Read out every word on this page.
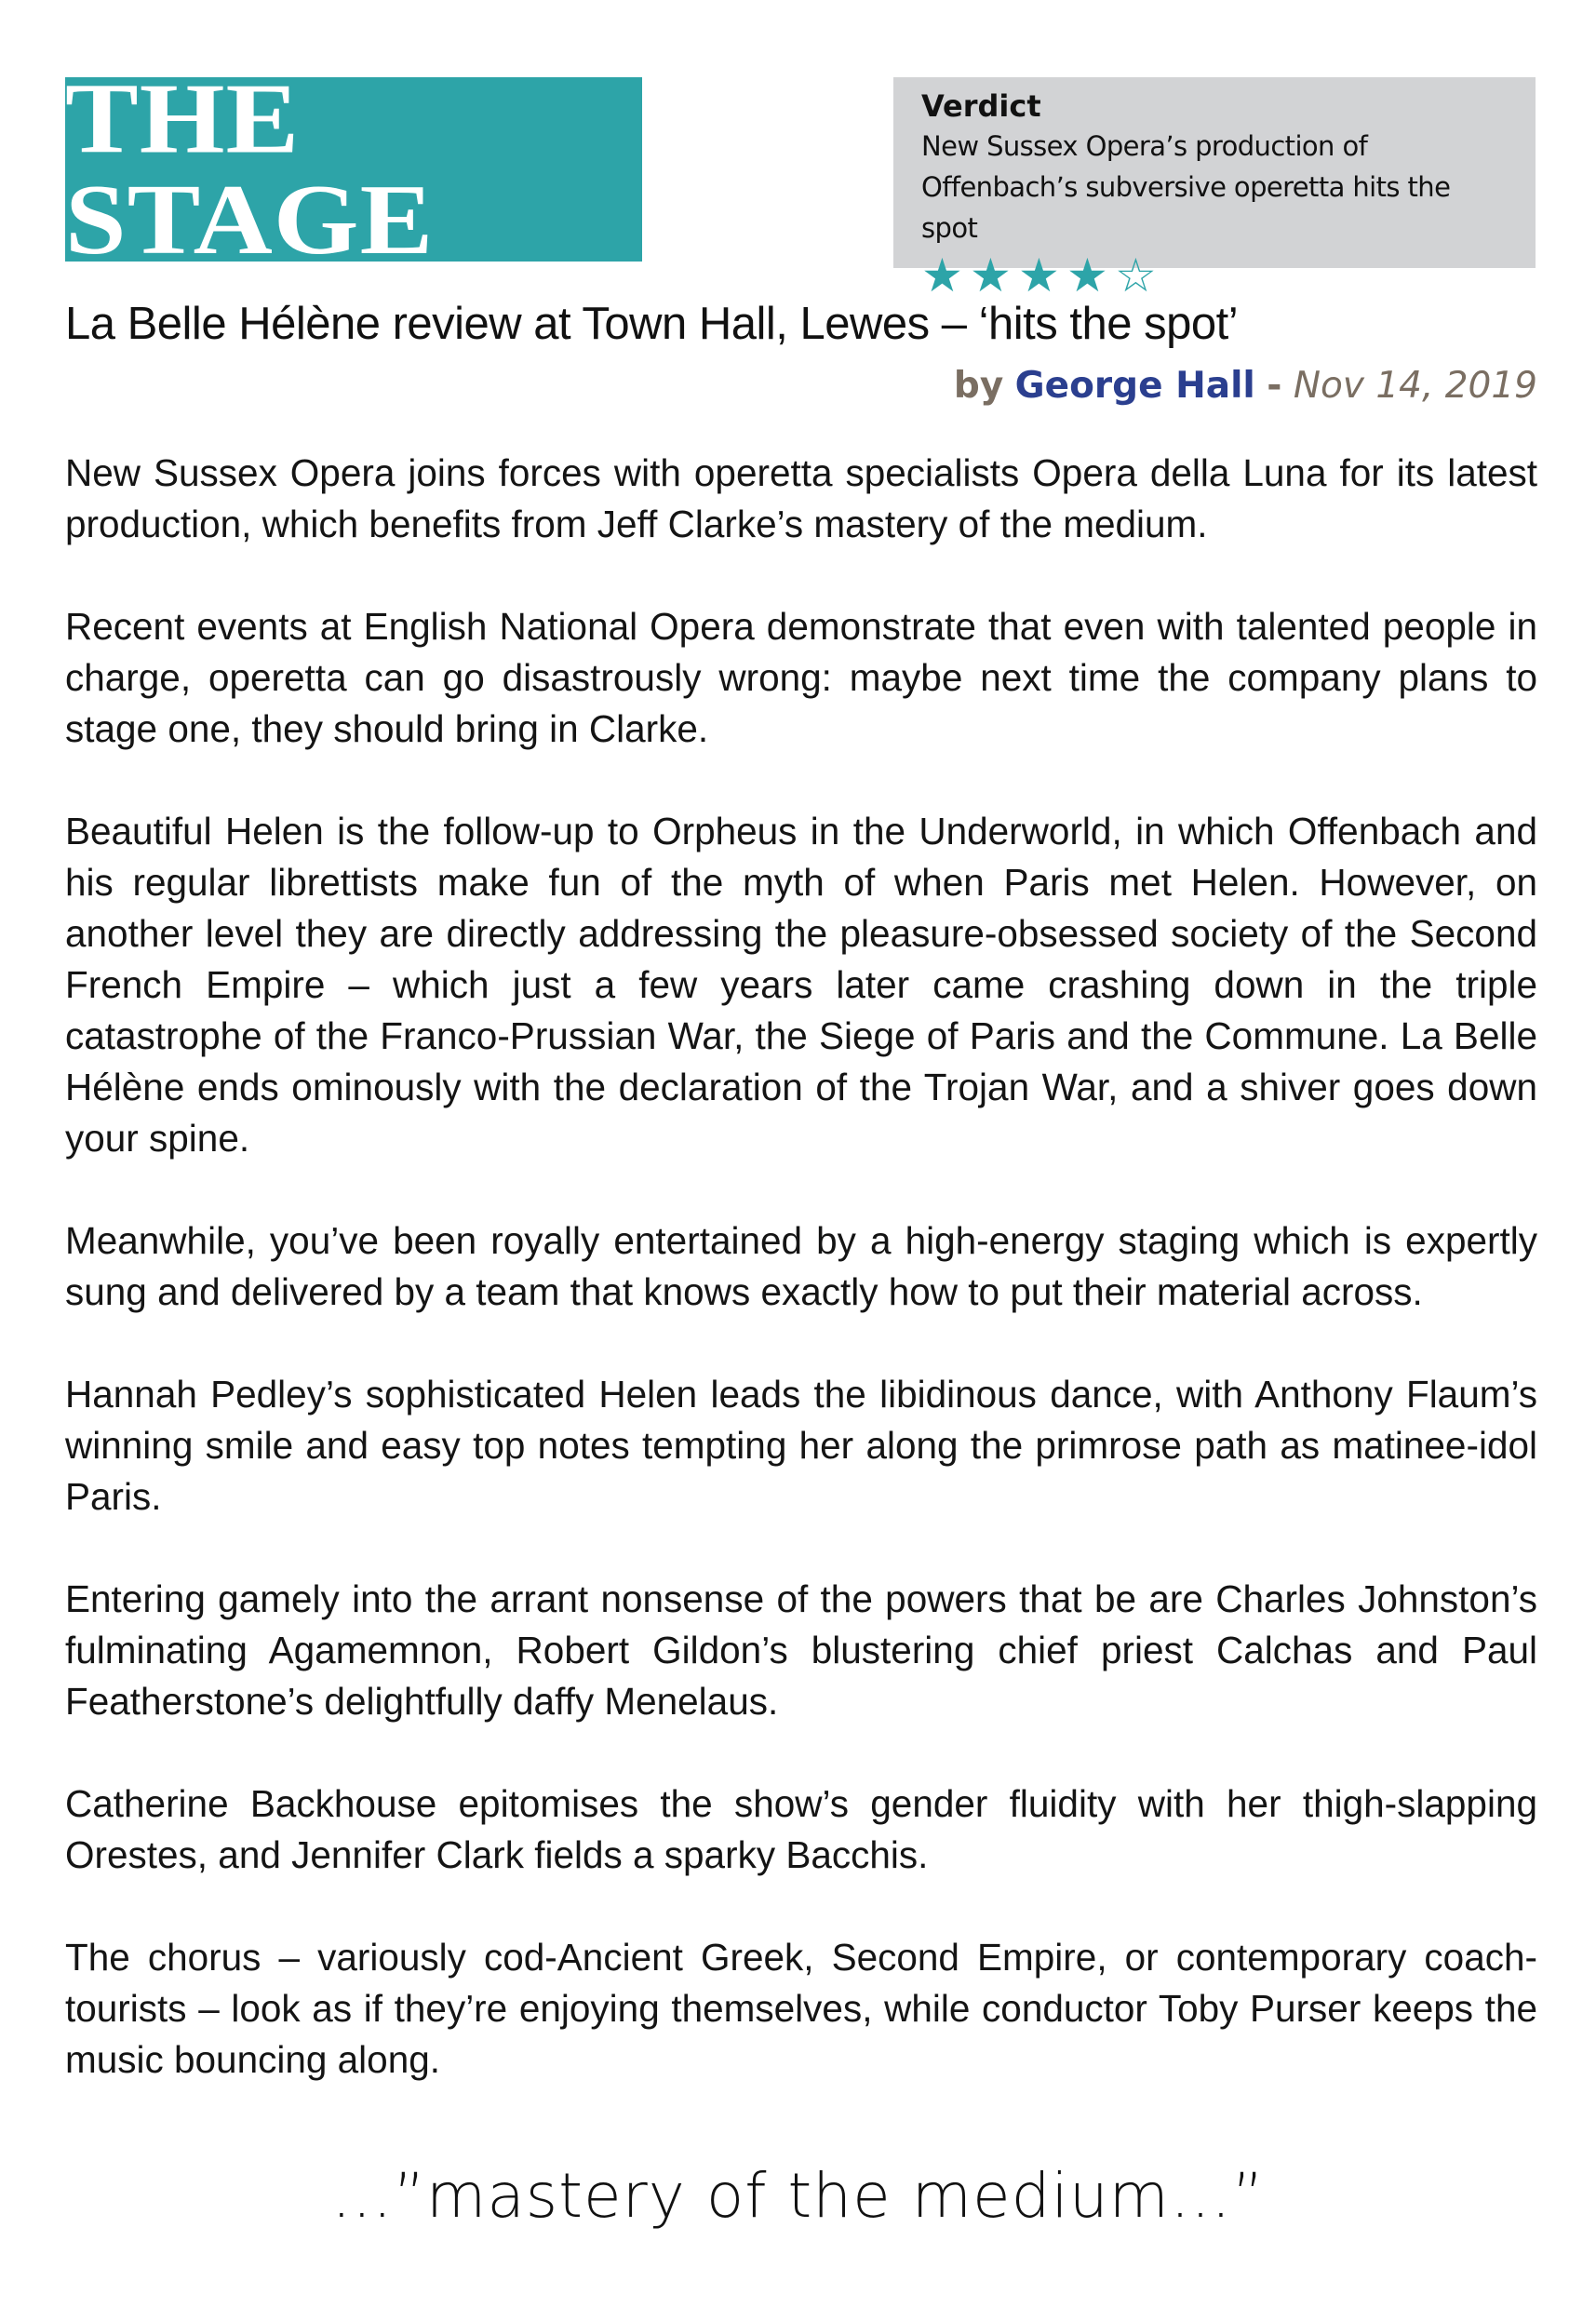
THE STAGE
Verdict
New Sussex Opera’s production of Offenbach’s subversive operetta hits the spot
★ ★ ★ ★ ☆
La Belle Hélène review at Town Hall, Lewes – ‘hits the spot’
by George Hall - Nov 14, 2019

New Sussex Opera joins forces with operetta specialists Opera della Luna for its latest production, which benefits from Jeff Clarke’s mastery of the medium.

Recent events at English National Opera demonstrate that even with talented people in charge, operetta can go disastrously wrong: maybe next time the company plans to stage one, they should bring in Clarke.

Beautiful Helen is the follow-up to Orpheus in the Underworld, in which Offenbach and his regular librettists make fun of the myth of when Paris met Helen. However, on another level they are directly addressing the pleasure-obsessed society of the Second French Empire – which just a few years later came crashing down in the triple catastrophe of the Franco-Prussian War, the Siege of Paris and the Commune. La Belle Hélène ends ominously with the declaration of the Trojan War, and a shiver goes down your spine.

Meanwhile, you’ve been royally entertained by a high-energy staging which is expertly sung and delivered by a team that knows exactly how to put their material across.

Hannah Pedley’s sophisticated Helen leads the libidinous dance, with Anthony Flaum’s winning smile and easy top notes tempting her along the primrose path as matinee-idol Paris.

Entering gamely into the arrant nonsense of the powers that be are Charles Johnston’s fulminating Agamemnon, Robert Gildon’s blustering chief priest Calchas and Paul Featherstone’s delightfully daffy Menelaus.

Catherine Backhouse epitomises the show’s gender fluidity with her thigh-slapping Orestes, and Jennifer Clark fields a sparky Bacchis.

The chorus – variously cod-Ancient Greek, Second Empire, or contemporary coach-tourists – look as if they’re enjoying themselves, while conductor Toby Purser keeps the music bouncing along.

…”mastery of the medium…”
